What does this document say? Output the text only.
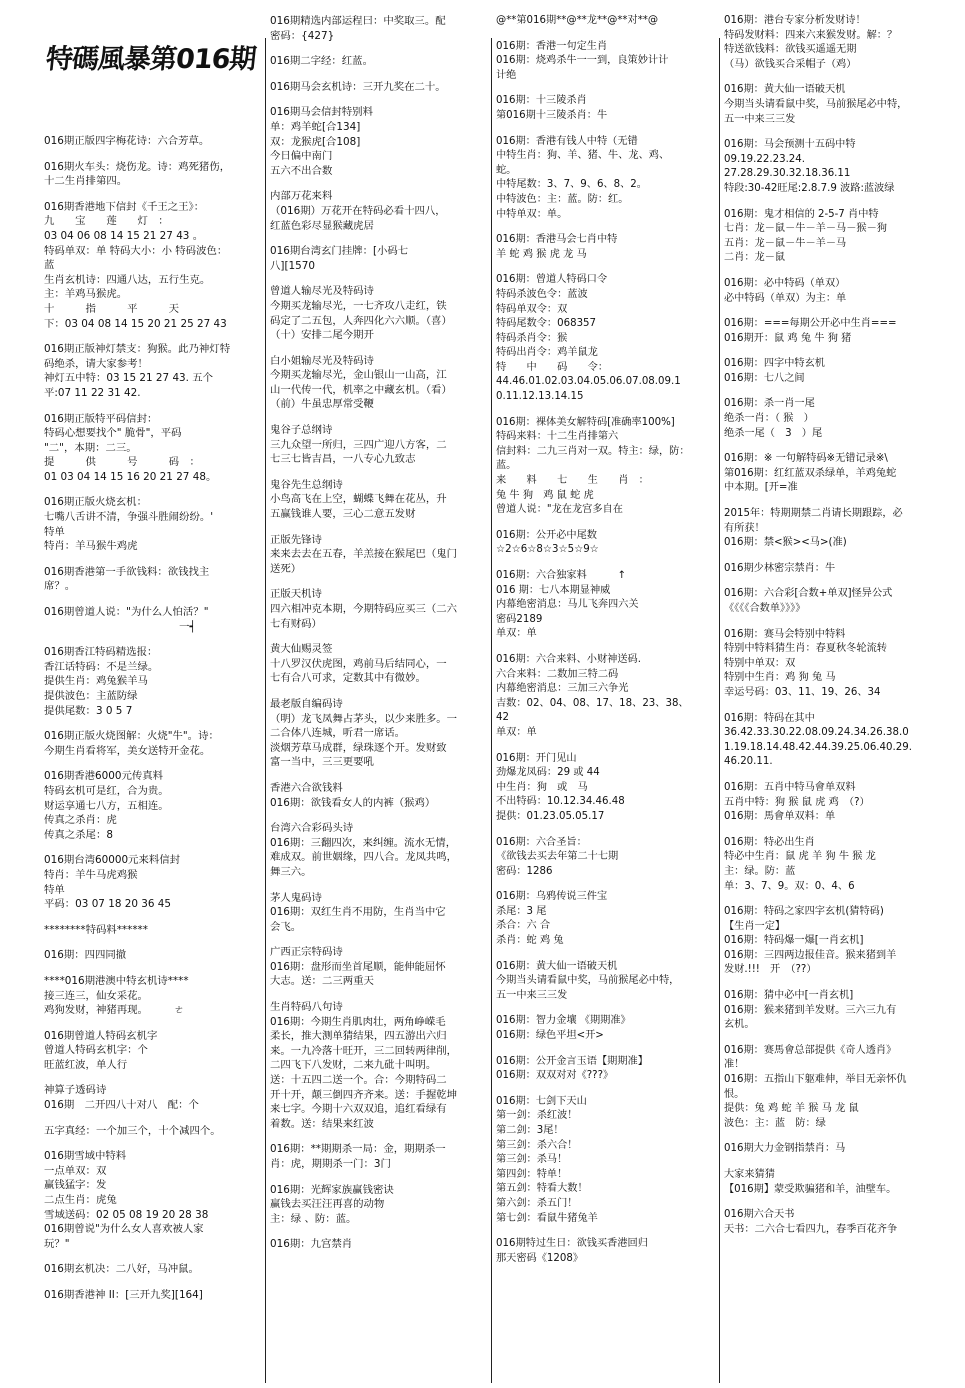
特碼風暴第016期
016期正版四字梅花诗：六合芳草。
016期火车头：烧伤龙。诗：鸡死猪伤，
十二生肖排第四。
016期香港地下信封《千王之王》：
九　　宝　　莲　　灯　：
03 04 06 08 14 15 21 27 43 。
特码单双：单 特码大小：小 特码波色：
蓝
生肖玄机诗：四通八达，五行生克。
主：羊鸡马猴虎。
十　　　指　　　平　　　天
下：03 04 08 14 15 20 21 25 27 43
016期正版神灯禁支：狗猴。此乃神灯特
码绝杀，请大家参考！
神灯五中特：03 15 21 27 43. 五个
平:07 11 22 31 42.
016期正版特平码信封：
特码心想要找个" 脆骨"，平码
"二"，本期：二三。
提　　　供　　　号　　　码　：
01 03 04 14 15 16 20 21 27 48。
016期正版火烧玄机：
七嘴八舌讲不清，争强斗胜闹纷纷。'
特单
特肖：羊马猴牛鸡虎
016期香港第一手欲钱料：欲钱找主
席？。
016期曾道人说："为什么人怕活？"
　　　　　　　　　　　　　一┥
016期香江特码精选报：
香江话特码：不是兰绿。
提供生肖：鸡兔猴羊马
提供波色：主蓝防绿
提供尾数：3 0 5 7
016期正版火烧图解：火烧"牛"。诗：
今期生肖看将军，美女送特开金花。
016期香港6000元传真料
特码玄机可是红，合为贵。
财运享通七八方，五相连。
传真之杀肖：虎
传真之杀尾：8
016期台湾60000元来料信封
特肖：羊牛马虎鸡猴
特单
平码：03 07 18 20 36 45
********特码料******
016期：四四同撤
****016期港澳中特玄机诗****
接三连三，仙女采花。
鸡狗发财，神猪再现。　　　ㄜ
016期曾道人特码玄机字
曾道人特码玄机字：个
旺蓝红波，单人行
神算子透码诗
016期　二开四八十对八　配：个
五字真经：一个加三个，十个减四个。
016期雪域中特料
一点单双：双
赢钱猛字：发
二点生肖：虎兔
雪域送码：02 05 08 19 20 28 38
016期曾说"为什么女人喜欢被人家
玩？"
016期玄机决：二八好，马冲鼠。
016期香港神 II：[三开九奖][164]
016期精选内部运程曰：中奖取三。配
密码：{427}
016期二字经：红蓝。
016期马会玄机诗：三开九奖在二十。
016期马会信封特别料
单：鸡羊蛇[合134]
双：龙猴虎[合108]
今日偏中南门
五六不出合数
内部万花来料
（016期）万花开在特码必看十四八，
红蓝色彩尽显猴藏虎居
016期台湾玄门挂牌：[小码七
八][1570
曾道人输尽光及特码诗
今期买龙输尽光，一七齐攻八走红，铁
码定了二五包，人奔四化六六顺。（喜）
（十）安排二尾今期开
白小姐输尽光及特码诗
今期买龙输尽光，金山银山一山高，江
山一代传一代，机率之中藏玄机。（看）
（前）牛虽忠厚常受鞭
鬼谷子总纲诗
三九众望一所归，三四广迎八方客，二
七三七皆吉昌，一八专心九致志
鬼谷先生总纲诗
小鸟高飞在上空，蝴蝶飞舞在花丛，升
五赢钱谁人要，三心二意五发财
正版先锋诗
来来去去在五春，羊羔接在猴尾巴（鬼门
送死）
正版天机诗
四六相冲克本期，今期特码应买三（二六
七有财码）
黄大仙赐灵签
十八罗汉伏虎图，鸡前马后结同心，一
七有合八可求，定数其中有微妙。
最老版自编码诗
（明）龙飞凤舞占茅头，以少来胜多。一
二合体八连城，听君一席话。
淡烟芳草马成群，绿珠逐个开。发财致
富一当中，三三更要吼
香港六合欲钱料
016期：欲钱看女人的内裤（猴鸡）
台湾六合彩码头诗
016期：三翻四次，来纠缠。流水无情，
难成双。前世姻缘，四八合。龙凤共鸣，
舞三六。
茅人鬼码诗
016期：双红生肖不用防，生肖当中它
会飞。
广西正宗特码诗
016期：盘形而坐首尾顺，能伸能屈怀
大志。送：二三两重天
生肖特码八句诗
016期：今期生肖肌肉壮，两角峥嵘毛
柔长，推大测单猜结果，四五游出六归
来。一九冷落十旺开，三二回转两律削，
二四飞下八发财，二来九砒十叫明。
送：十五四二送一个。合：今期特码二
开十开，颠三倒四齐齐来。送：手握乾坤
来七字。今期十六双双追，追红看绿有
着数。送：结果来红波
016期：**期期杀一局：金，期期杀一
肖：虎，期期杀一门：3门
016期：光辉家族赢钱密诀
赢钱去买汪汪再喜的动物
主：绿 、防：蓝。
016期：九宫禁肖
@**第016期**@**龙**@**对**@
016期：香港一句定生肖
016期：烧鸡杀牛一一到，良策妙计计
计绝
016期：十三陵杀肖
第016期十三陵杀肖：牛
016期：香港有钱人中特（无错
中特生肖：狗、羊、猪、牛、龙、鸡、
蛇。
中特尾数：3、7、9、6、8、2。
中特波色：主：蓝。防：红。
中特单双：单。
016期：香港马会七肖中特
羊 蛇 鸡 猴 虎 龙 马
016期：曾道人特码口令
特码杀波色令：蓝波
特码单双令：双
特码尾数令：068357
特码杀肖令：猴
特码出肖令：鸡羊鼠龙
特　　中　　码　　令：
44.46.01.02.03.04.05.06.07.08.09.1
0.11.12.13.14.15
016期：裸体美女解特码[准确率100%]
特码来料：十二生肖排第六
信封料：二九三肖对一双。特主：绿，防：
蓝。
来　　料　　七　　生　　肖　：
兔 牛 狗　鸡 鼠 蛇 虎
曾道人说："龙在龙宫多自在
016期：公开必中尾数
☆2☆6☆8☆3☆5☆9☆
016期：六合独家料　　　↑
016 期：七八本期显神威
内幕绝密消息：马儿飞奔四六关
密码2189
单双：单
016期：六合来料、小财神送码.
六合来料：二数加三特二码
内幕绝密消息：三加三六争光
吉数：02、04、08、17、18、23、38、
42
单双：单
016期：开门见山
劲爆龙凤码：29 或 44
中生肖：狗　或　马
不出特码：10.12.34.46.48
提供：01.23.05.05.17
016期：六合圣旨：
《欲钱去买去年第二十七期
密码：1286
016期：乌鸦传说三件宝
杀尾：3 尾
杀合：六 合
杀肖：蛇 鸡 兔
016期：黄大仙一语破天机
今期当头请看鼠中奖，马前猴尾必中特，
五一中来三三发
016期：智力金壤 《期期准》
016期：绿色平坦<开>
016期：公开金言玉语【期期准】
016期：双双对对《???》
016期：七剑下天山
第一剑：杀红波！
第二剑：3尾！
第三剑：杀六合！
第三剑：杀马！
第四剑：特单！
第五剑：特看大数！
第六剑：杀五门！
第七剑：看鼠牛猪兔羊
016期特过生日：欲钱买香港回归
那天密码《1208》
016期：港台专家分析发财诗！
特码发财料：四来六来猴发财。解：？
特送欲钱料：欲钱买遥遥无期
（马）欲钱买合采帽子（鸡）
016期：黄大仙一语破天机
今期当头请看鼠中奖，马前猴尾必中特，
五一中来三三发
016期：马会预测十五码中特
09.19.22.23.24.
27.28.29.30.32.18.36.11
特段:30-42旺尾:2.8.7.9 波路:蓝波绿
016期：鬼才相信的 2-5-7 肖中特
七肖：龙－鼠－牛－羊－马－猴－狗
五肖：龙－鼠－牛－羊－马
二肖：龙－鼠
016期：必中特码（单双）
必中特码（单双）为主：单
016期：===每期公开必中生肖===
016期开：鼠 鸡 兔 牛 狗 猪
016期：四字中特玄机
016期：七八之间
016期：杀一肖一尾
绝杀一肖：（ 猴　）
绝杀一尾（　3　）尾
016期：※ 一句解特码※无错记录※\
第016期：红红蓝双杀绿单，羊鸡兔蛇
中本期。[开=准
2015年：特期期禁二肖请长期跟踪，必
有所获！
016期：禁<猴><马>(准)
016期少林密宗禁肖：牛
016期：六合彩[合数+单双]怪异公式
《《《《合数单》》》》
016期：赛马会特别中特料
特别中特料猜生肖：春夏秋冬轮流转
特别中单双：双
特别中生肖：鸡 狗 兔 马
幸运号码：03、11、19、26、34
016期：特码在其中
36.42.33.30.22.08.09.24.34.26.38.0
1.19.18.14.48.42.44.39.25.06.40.29.
46.20.11.
016期：五肖中特马會单双料
五肖中特：狗 猴 鼠 虎 鸡　（?）
016期：馬會单双料：单
016期：特必出生肖
特必中生肖：鼠 虎 羊 狗 牛 猴 龙
主：绿。防：蓝
单：3、7、9。双：0、4、6
016期：特码之家四字玄机(猜特码)
【生肖一定】
016期：特码爆一爆[一肖玄机]
016期：三四两边报佳音。猴来猪到羊
发财.!!!　开　（??）
016期：猜中必中[一肖玄机]
016期：猴来猪到羊发财。三六三九有
玄机。
016期：赛馬會总部提供《奇人透肖》
准！
016期：五指山下躯难伸，举目无亲怀仇
恨。
提供：兔 鸡 蛇 羊 猴 马 龙 鼠
波色：主：蓝　防：绿
016期大力金钢指禁肖：马
大家来猜猜
【016期】蒙受欺骗猪和羊，油壁车。
016期六合天书
天书：二六合七看四九，春季百花齐争
